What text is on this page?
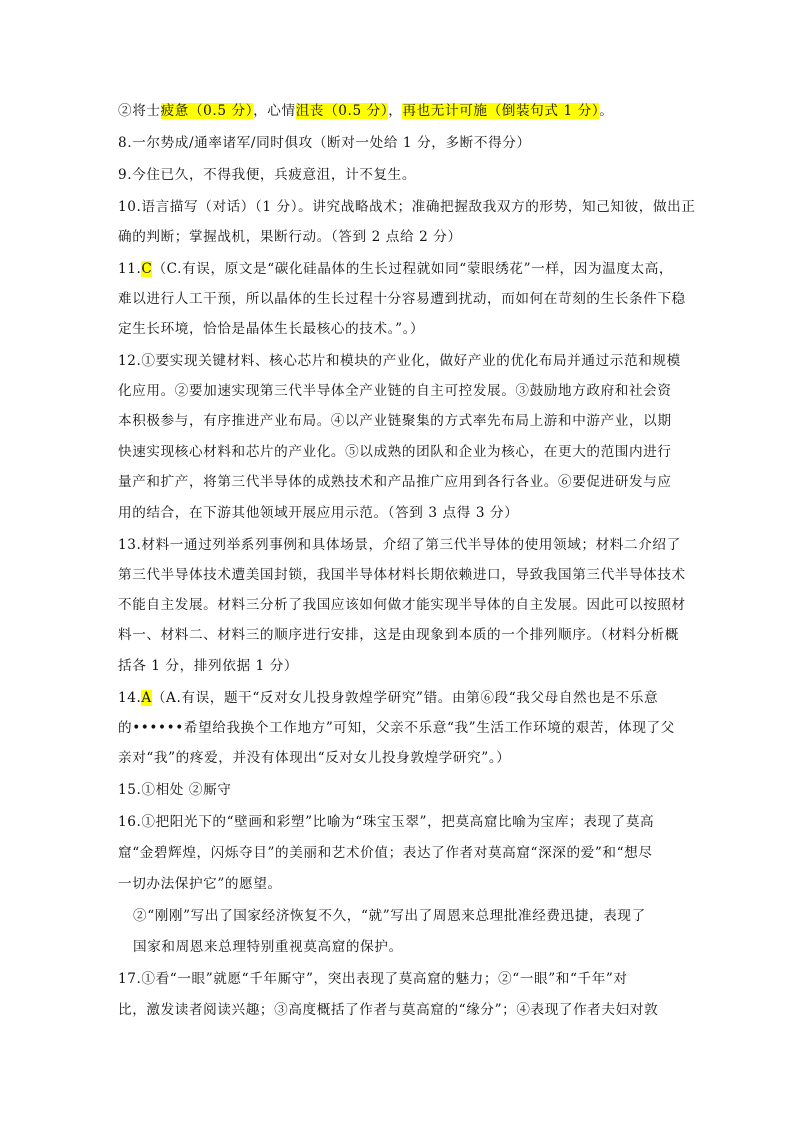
②将士疲惫（0.5 分），心情沮丧（0.5 分），再也无计可施（倒装句式 1 分）。
8.一尔势成/通率诸军/同时俱攻（断对一处给 1 分，多断不得分）
9.今住已久，不得我便，兵疲意沮，计不复生。
10.语言描写（对话）（1 分）。讲究战略战术；准确把握敌我双方的形势，知己知彼，做出正
确的判断；掌握战机，果断行动。（答到 2 点给 2 分）
11.C（C.有误，原文是“碳化硅晶体的生长过程就如同“蒙眼绣花”一样，因为温度太高，
难以进行人工干预，所以晶体的生长过程十分容易遭到扰动，而如何在苛刻的生长条件下稳
定生长环境，恰恰是晶体生长最核心的技术。”。）
12.①要实现关键材料、核心芯片和模块的产业化，做好产业的优化布局并通过示范和规模
化应用。②要加速实现第三代半导体全产业链的自主可控发展。③鼓励地方政府和社会资
本积极参与，有序推进产业布局。④以产业链聚集的方式率先布局上游和中游产业，以期
快速实现核心材料和芯片的产业化。⑤以成熟的团队和企业为核心，在更大的范围内进行
量产和扩产，将第三代半导体的成熟技术和产品推广应用到各行各业。⑥要促进研发与应
用的结合，在下游其他领域开展应用示范。（答到 3 点得 3 分）
13.材料一通过列举系列事例和具体场景，介绍了第三代半导体的使用领域；材料二介绍了
第三代半导体技术遭美国封锁，我国半导体材料长期依赖进口，导致我国第三代半导体技术
不能自主发展。材料三分析了我国应该如何做才能实现半导体的自主发展。因此可以按照材
料一、材料二、材料三的顺序进行安排，这是由现象到本质的一个排列顺序。（材料分析概
括各 1 分，排列依据 1 分）
14.A（A.有误，题干“反对女儿投身敦煌学研究”错。由第⑥段“我父母自然也是不乐意
的••••••希望给我换个工作地方”可知，父亲不乐意“我”生活工作环境的艰苦，体现了父
亲对“我”的疼爱，并没有体现出“反对女儿投身敦煌学研究”。）
15.①相处 ②厮守
16.①把阳光下的“壁画和彩塑”比喻为“珠宝玉翠”，把莫高窟比喻为宝库；表现了莫高
窟“金碧辉煌，闪烁夺目”的美丽和艺术价值；表达了作者对莫高窟“深深的爱”和“想尽
一切办法保护它”的愿望。
②“刚刚”写出了国家经济恢复不久，“就”写出了周恩来总理批准经费迅捷，表现了
国家和周恩来总理特别重视莫高窟的保护。
17.①看“一眼”就愿“千年厮守”，突出表现了莫高窟的魅力；②“一眼”和“千年”对
比，激发读者阅读兴趣；③高度概括了作者与莫高窟的“缘分”；④表现了作者夫妇对敦
